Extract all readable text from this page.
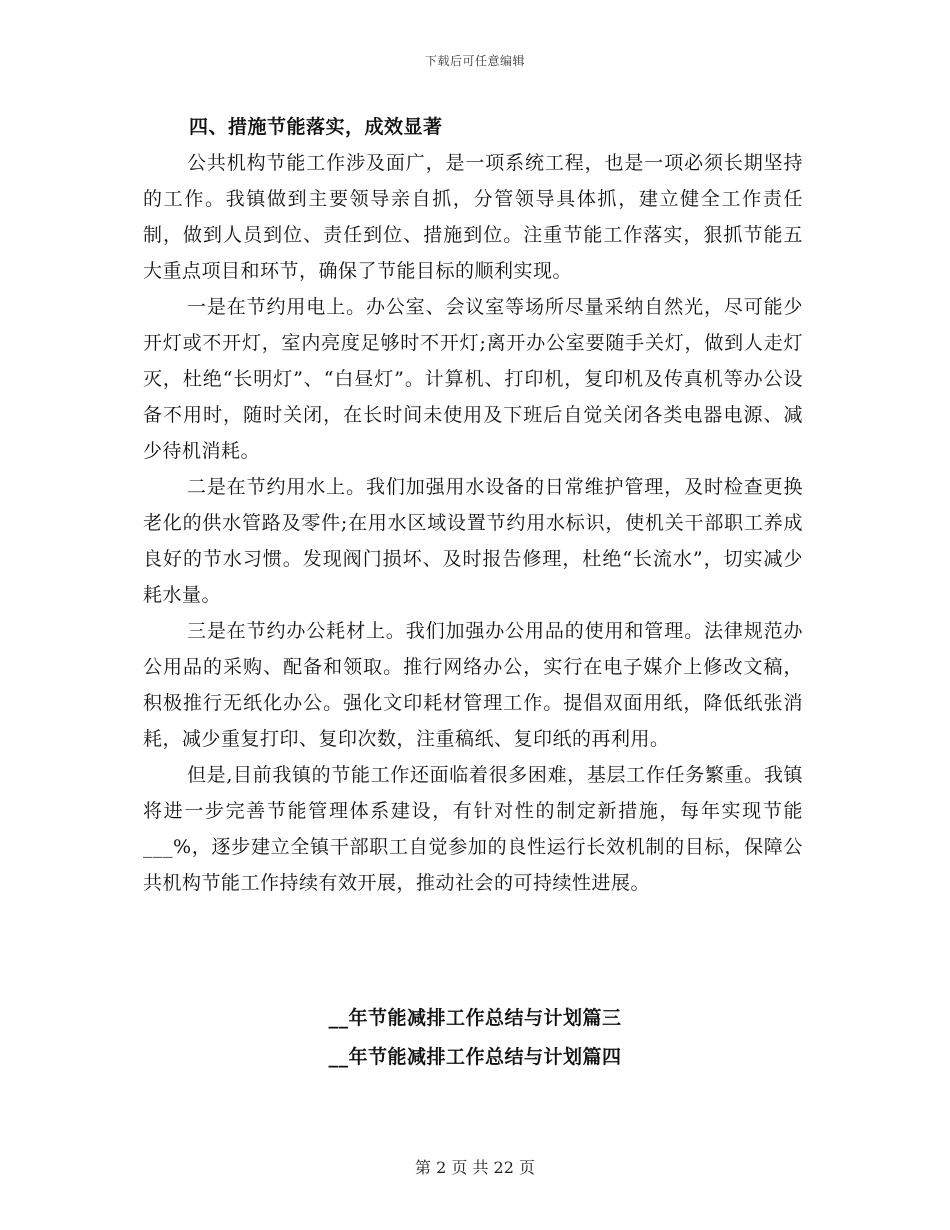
下载后可任意编辑
四、措施节能落实，成效显著

公共机构节能工作涉及面广，是一项系统工程，也是一项必须长期坚持的工作。我镇做到主要领导亲自抓，分管领导具体抓，建立健全工作责任制，做到人员到位、责任到位、措施到位。注重节能工作落实，狠抓节能五大重点项目和环节，确保了节能目标的顺利实现。

一是在节约用电上。办公室、会议室等场所尽量采纳自然光，尽可能少开灯或不开灯，室内亮度足够时不开灯;离开办公室要随手关灯，做到人走灯灭，杜绝“长明灯”、“白昼灯”。计算机、打印机，复印机及传真机等办公设备不用时，随时关闭，在长时间未使用及下班后自觉关闭各类电器电源、减少待机消耗。

二是在节约用水上。我们加强用水设备的日常维护管理，及时检查更换老化的供水管路及零件;在用水区域设置节约用水标识，使机关干部职工养成良好的节水习惯。发现阀门损坏、及时报告修理，杜绝“长流水”，切实减少耗水量。

三是在节约办公耗材上。我们加强办公用品的使用和管理。法律规范办公用品的采购、配备和领取。推行网络办公，实行在电子媒介上修改文稿，积极推行无纸化办公。强化文印耗材管理工作。提倡双面用纸，降低纸张消耗，减少重复打印、复印次数，注重稿纸、复印纸的再利用。

但是,目前我镇的节能工作还面临着很多困难，基层工作任务繁重。我镇将进一步完善节能管理体系建设，有针对性的制定新措施，每年实现节能___%，逐步建立全镇干部职工自觉参加的良性运行长效机制的目标，保障公共机构节能工作持续有效开展，推动社会的可持续性进展。

__年节能减排工作总结与计划篇三
__年节能减排工作总结与计划篇四
第 2 页 共 22 页
